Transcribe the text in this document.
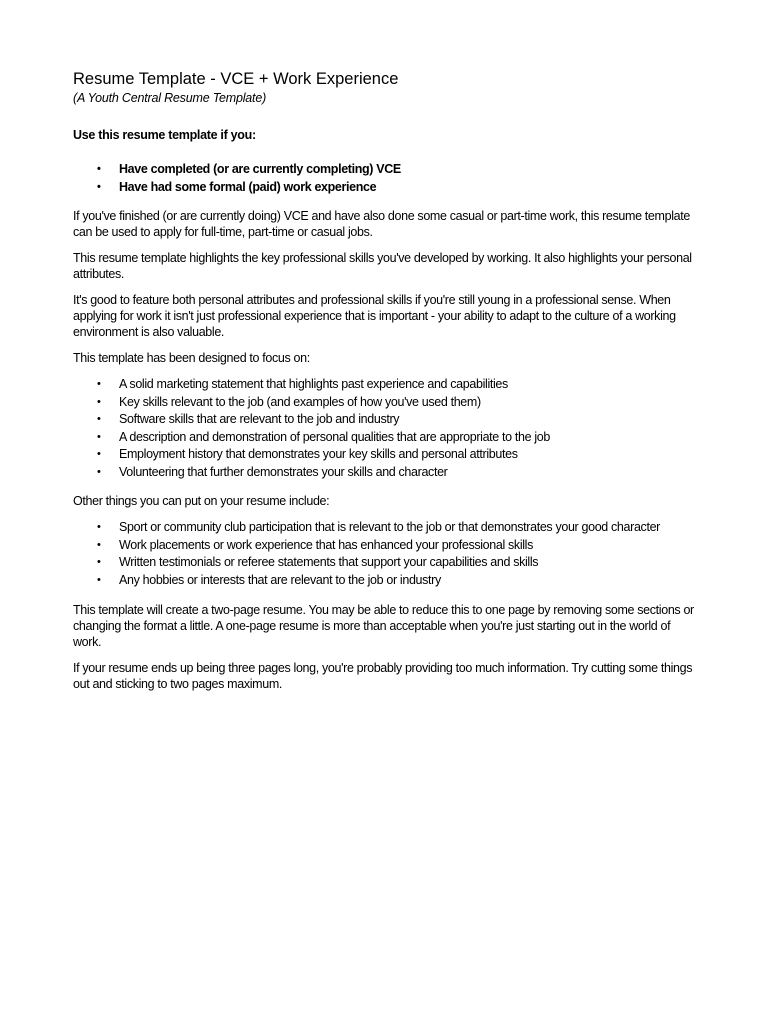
Resume Template - VCE + Work Experience
(A Youth Central Resume Template)
Use this resume template if you:
• Have completed (or are currently completing) VCE
• Have had some formal (paid) work experience

If you've finished (or are currently doing) VCE and have also done some casual or part-time work, this resume template can be used to apply for full-time, part-time or casual jobs.

This resume template highlights the key professional skills you've developed by working. It also highlights your personal attributes.

It's good to feature both personal attributes and professional skills if you're still young in a professional sense. When applying for work it isn't just professional experience that is important - your ability to adapt to the culture of a working environment is also valuable.

This template has been designed to focus on:

• A solid marketing statement that highlights past experience and capabilities
• Key skills relevant to the job (and examples of how you've used them)
• Software skills that are relevant to the job and industry
• A description and demonstration of personal qualities that are appropriate to the job
• Employment history that demonstrates your key skills and personal attributes
• Volunteering that further demonstrates your skills and character

Other things you can put on your resume include:

• Sport or community club participation that is relevant to the job or that demonstrates your good character
• Work placements or work experience that has enhanced your professional skills
• Written testimonials or referee statements that support your capabilities and skills
• Any hobbies or interests that are relevant to the job or industry

This template will create a two-page resume. You may be able to reduce this to one page by removing some sections or changing the format a little. A one-page resume is more than acceptable when you're just starting out in the world of work.

If your resume ends up being three pages long, you're probably providing too much information. Try cutting some things out and sticking to two pages maximum.
